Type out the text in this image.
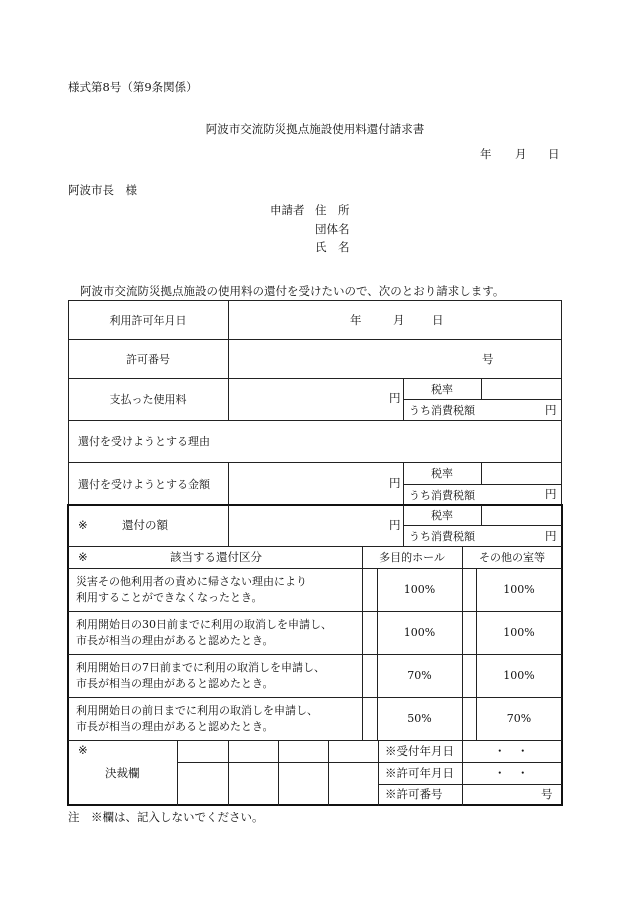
様式第8号（第9条関係）
阿波市交流防災拠点施設使用料還付請求書
年 月 日
阿波市長　様
申請者 住　所
団体名
氏　名
阿波市交流防災拠点施設の使用料の還付を受けたいので、次のとおり請求します。
利用許可年月日	年	月 日
許可番号	号
支払った使用料	円
税率
うち消費税額	円
還付を受けようとする理由
還付を受けようとする金額	円
税率
うち消費税額	円
※	還付の額	円
税率
うち消費税額	円
※	該当する還付区分	多目的ホール	その他の室等
災害その他利用者の責めに帰さない理由により
利用することができなくなったとき。
100%	100%
利用開始日の30日前までに利用の取消しを申請し、
市長が相当の理由があると認めたとき。
100%	100%
利用開始日の7日前までに利用の取消しを申請し、
市長が相当の理由があると認めたとき。
70%	100%
利用開始日の前日までに利用の取消しを申請し、
市長が相当の理由があると認めたとき。
50%	70%
※
決裁欄
※受付年月日	・　・
※許可年月日	・　・
※許可番号	号
注　※欄は、記入しないでください。
